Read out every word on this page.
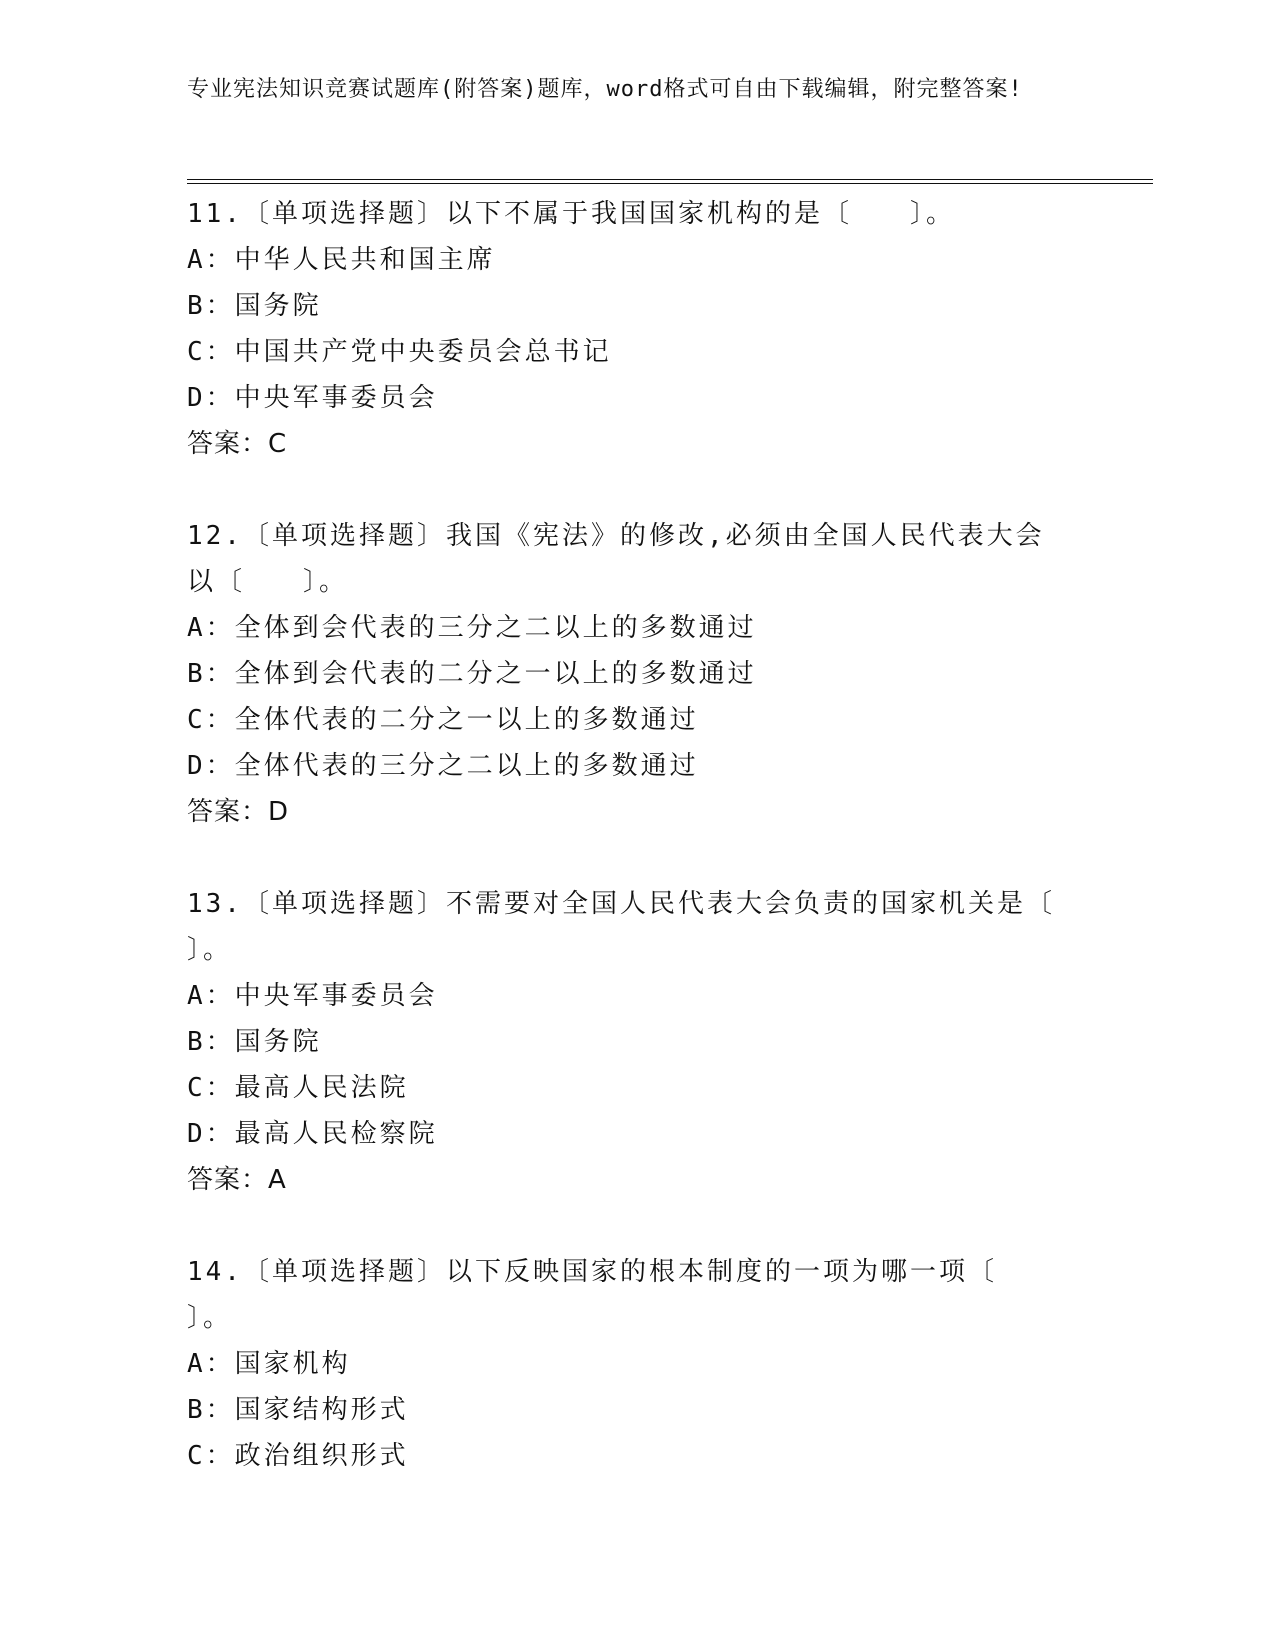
专业宪法知识竞赛试题库(附答案)题库，word格式可自由下载编辑，附完整答案!
11.〔单项选择题〕以下不属于我国国家机构的是〔　　〕。
A：中华人民共和国主席
B：国务院
C：中国共产党中央委员会总书记
D：中央军事委员会
答案：C
12.〔单项选择题〕我国《宪法》的修改,必须由全国人民代表大会以〔　　〕。
A：全体到会代表的三分之二以上的多数通过
B：全体到会代表的二分之一以上的多数通过
C：全体代表的二分之一以上的多数通过
D：全体代表的三分之二以上的多数通过
答案：D
13.〔单项选择题〕不需要对全国人民代表大会负责的国家机关是〔　　〕。
A：中央军事委员会
B：国务院
C：最高人民法院
D：最高人民检察院
答案：A
14.〔单项选择题〕以下反映国家的根本制度的一项为哪一项〔　　〕。
A：国家机构
B：国家结构形式
C：政治组织形式
